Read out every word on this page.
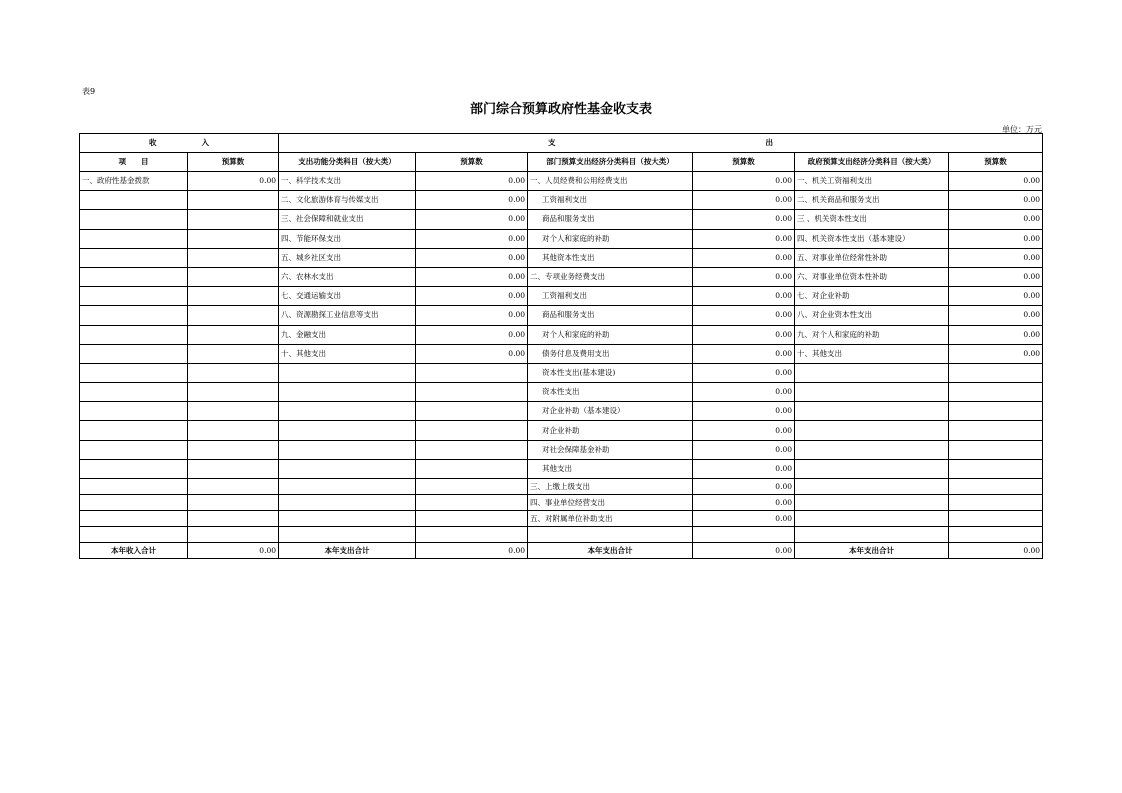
表9
部门综合预算政府性基金收支表
单位：万元
收　　　　　　入		支　　　　　　　　　　　　　　　　　　　　　　　　　　　　出					
项　　目	预算数	支出功能分类科目（按大类）	预算数	部门预算支出经济分类科目（按大类）	预算数	政府预算支出经济分类科目（按大类）	预算数
一、政府性基金拨款	0.00	一、科学技术支出	0.00	一、人员经费和公用经费支出	0.00	一、机关工资福利支出	0.00
		二、文化旅游体育与传媒支出	0.00	工资福利支出	0.00	二、机关商品和服务支出	0.00
		三、社会保障和就业支出	0.00	商品和服务支出	0.00	三 、机关资本性支出	0.00
		四、节能环保支出	0.00	对个人和家庭的补助	0.00	四、机关资本性支出（基本建设）	0.00
		五、城乡社区支出	0.00	其他资本性支出	0.00	五、对事业单位经常性补助	0.00
		六、农林水支出	0.00	二、专项业务经费支出	0.00	六、对事业单位资本性补助	0.00
		七、交通运输支出	0.00	工资福利支出	0.00	七、对企业补助	0.00
		八、资源勘探工业信息等支出	0.00	商品和服务支出	0.00	八、对企业资本性支出	0.00
		九、金融支出	0.00	对个人和家庭的补助	0.00	九、对个人和家庭的补助	0.00
		十、其他支出	0.00	债务付息及费用支出	0.00	十、其他支出	0.00
				资本性支出(基本建设)	0.00		
				资本性支出	0.00		
				对企业补助（基本建设）	0.00		
				对企业补助	0.00		
				对社会保障基金补助	0.00		
				其他支出	0.00		
				三、上缴上级支出	0.00		
				四、事业单位经营支出	0.00		
				五、对附属单位补助支出	0.00		

本年收入合计	0.00	本年支出合计	0.00	本年支出合计	0.00	本年支出合计	0.00
